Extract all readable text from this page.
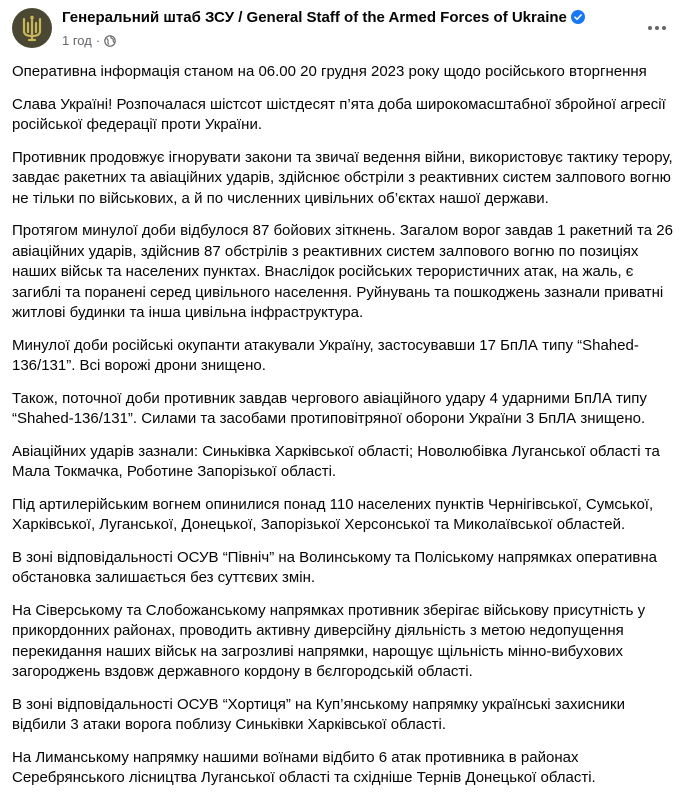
Генеральний штаб ЗСУ / General Staff of the Armed Forces of Ukraine
1 год ·

Оперативна інформація станом на 06.00 20 грудня 2023 року щодо російського вторгнення

Слава Україні! Розпочалася шістсот шістдесят п’ята доба широкомасштабної збройної агресії російської федерації проти України.

Противник продовжує ігнорувати закони та звичаї ведення війни, використовує тактику терору, завдає ракетних та авіаційних ударів, здійснює обстріли з реактивних систем залпового вогню не тільки по військових, а й по численних цивільних об’єктах нашої держави.

Протягом минулої доби відбулося 87 бойових зіткнень. Загалом ворог завдав 1 ракетний та 26 авіаційних ударів, здійснив 87 обстрілів з реактивних систем залпового вогню по позиціях наших військ та населених пунктах. Внаслідок російських терористичних атак, на жаль, є загиблі та поранені серед цивільного населення. Руйнувань та пошкоджень зазнали приватні житлові будинки та інша цивільна інфраструктура.

Минулої доби російські окупанти атакували Україну, застосувавши 17 БпЛА типу “Shahed-136/131”. Всі ворожі дрони знищено.

Також, поточної доби противник завдав чергового авіаційного удару 4 ударними БпЛА типу “Shahed-136/131”. Силами та засобами протиповітряної оборони України 3 БпЛА знищено.

Авіаційних ударів зазнали: Синьківка Харківської області; Новолюбівка Луганської області та Мала Токмачка, Роботине Запорізької області.

Під артилерійським вогнем опинилися понад 110 населених пунктів Чернігівської, Сумської, Харківської, Луганської, Донецької, Запорізької Херсонської та Миколаївської областей.

В зоні відповідальності ОСУВ “Північ” на Волинському та Поліському напрямках оперативна обстановка залишається без суттєвих змін.

На Сіверському та Слобожанському напрямках противник зберігає військову присутність у прикордонних районах, проводить активну диверсійну діяльність з метою недопущення перекидання наших військ на загрозливі напрямки, нарощує щільність мінно-вибухових загороджень вздовж державного кордону в бєлгородській області.

В зоні відповідальності ОСУВ “Хортиця” на Куп’янському напрямку українські захисники відбили 3 атаки ворога поблизу Синьківки Харківської області.

На Лиманському напрямку нашими воїнами відбито 6 атак противника в районах Серебрянського лісництва Луганської області та східніше Тернів Донецької області.
